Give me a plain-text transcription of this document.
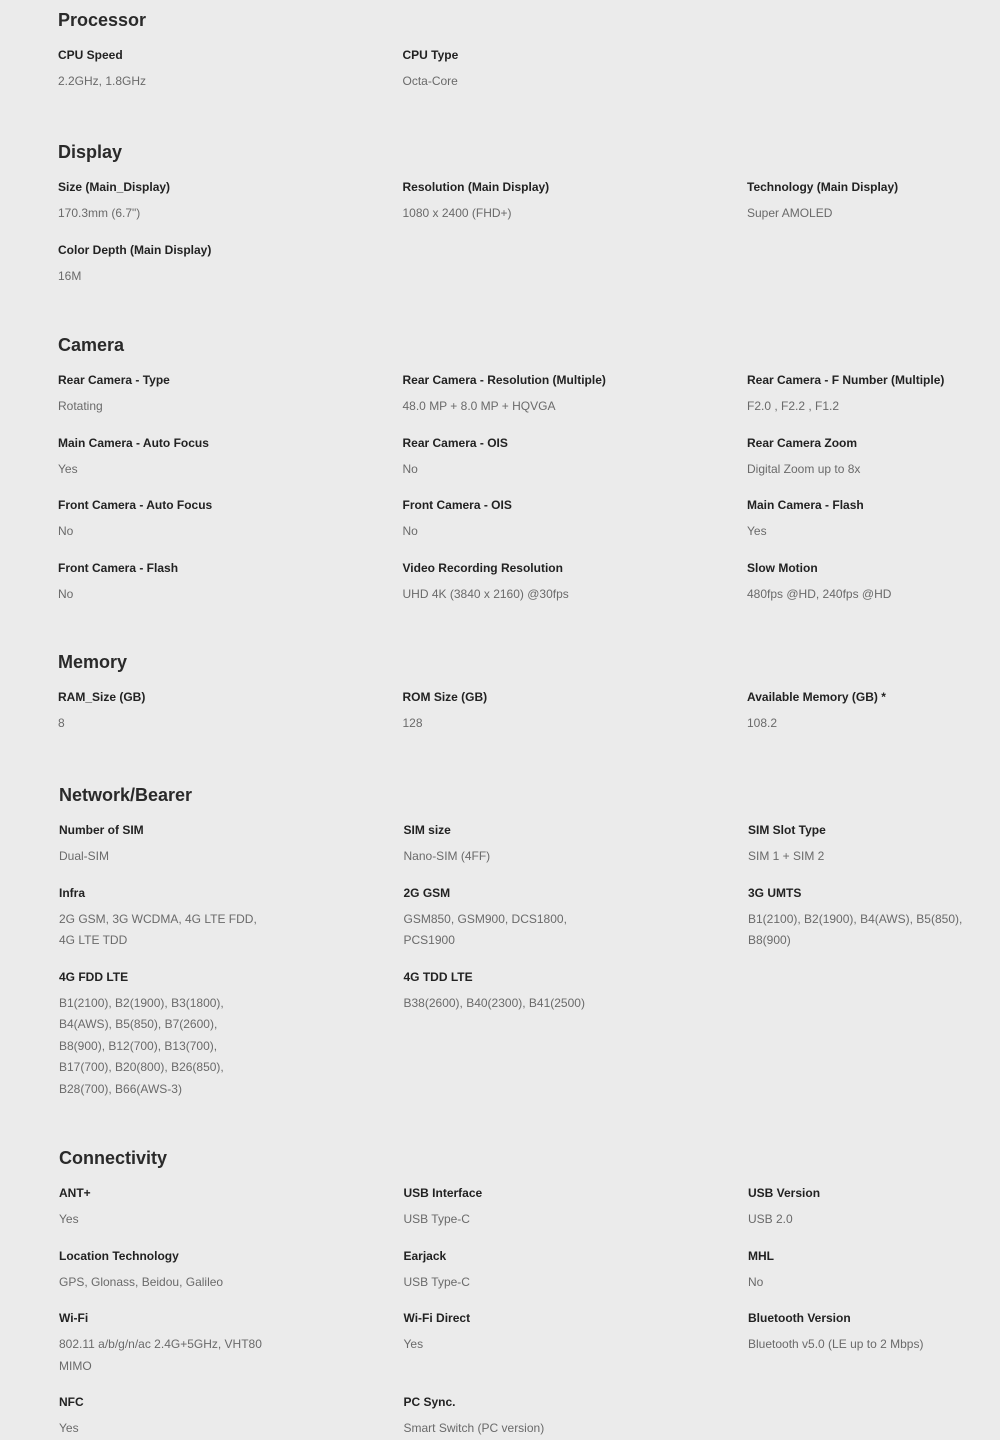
Processor
CPU Speed
2.2GHz, 1.8GHz
CPU Type
Octa-Core
Display
Size (Main_Display)
170.3mm (6.7")
Resolution (Main Display)
1080 x 2400 (FHD+)
Technology (Main Display)
Super AMOLED
Color Depth (Main Display)
16M
Camera
Rear Camera - Type
Rotating
Rear Camera - Resolution (Multiple)
48.0 MP + 8.0 MP + HQVGA
Rear Camera - F Number (Multiple)
F2.0 , F2.2 , F1.2
Main Camera - Auto Focus
Yes
Rear Camera - OIS
No
Rear Camera Zoom
Digital Zoom up to 8x
Front Camera - Auto Focus
No
Front Camera - OIS
No
Main Camera - Flash
Yes
Front Camera - Flash
No
Video Recording Resolution
UHD 4K (3840 x 2160) @30fps
Slow Motion
480fps @HD, 240fps @HD
Memory
RAM_Size (GB)
8
ROM Size (GB)
128
Available Memory (GB) *
108.2
Network/Bearer
Number of SIM
Dual-SIM
SIM size
Nano-SIM (4FF)
SIM Slot Type
SIM 1 + SIM 2
Infra
2G GSM, 3G WCDMA, 4G LTE FDD, 4G LTE TDD
2G GSM
GSM850, GSM900, DCS1800, PCS1900
3G UMTS
B1(2100), B2(1900), B4(AWS), B5(850), B8(900)
4G FDD LTE
B1(2100), B2(1900), B3(1800), B4(AWS), B5(850), B7(2600), B8(900), B12(700), B13(700), B17(700), B20(800), B26(850), B28(700), B66(AWS-3)
4G TDD LTE
B38(2600), B40(2300), B41(2500)
Connectivity
ANT+
Yes
USB Interface
USB Type-C
USB Version
USB 2.0
Location Technology
GPS, Glonass, Beidou, Galileo
Earjack
USB Type-C
MHL
No
Wi-Fi
802.11 a/b/g/n/ac 2.4G+5GHz, VHT80 MIMO
Wi-Fi Direct
Yes
Bluetooth Version
Bluetooth v5.0 (LE up to 2 Mbps)
NFC
Yes
PC Sync.
Smart Switch (PC version)
